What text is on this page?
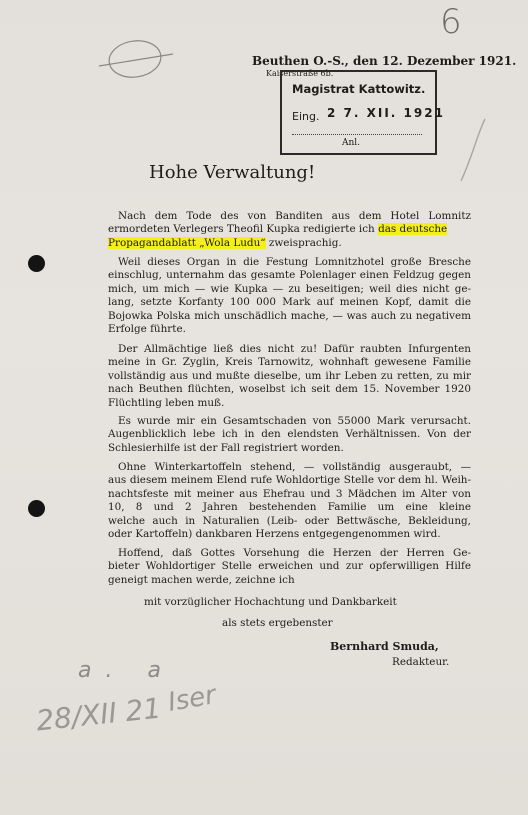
6
Beuthen O.-S., den 12. Dezember 1921.
Kaiserstraße 6b.
Magistrat Kattowitz.
Eing. 2 7. XII. 1921
Anl.
Hohe Verwaltung!
Nach dem Tode des von Banditen aus dem Hotel Lomnitz
ermordeten Verlegers Theofil Kupka redigierte ich das deutsche
Propagandablatt „Wola Ludu“ zweisprachig.
Weil dieses Organ in die Festung Lomnitzhotel große Bresche
einschlug, unternahm das gesamte Polenlager einen Feldzug gegen
mich, um mich — wie Kupka — zu beseitigen; weil dies nicht ge-
lang, setzte Korfanty 100 000 Mark auf meinen Kopf, damit die
Bojowka Polska mich unschädlich mache, — was auch zu negativem
Erfolge führte.
Der Allmächtige ließ dies nicht zu! Dafür raubten Infurgenten
meine in Gr. Zyglin, Kreis Tarnowitz, wohnhaft gewesene Familie
vollständig aus und mußte dieselbe, um ihr Leben zu retten, zu mir
nach Beuthen flüchten, woselbst ich seit dem 15. November 1920
Flüchtling leben muß.
Es wurde mir ein Gesamtschaden von 55000 Mark verursacht.
Augenblicklich lebe ich in den elendsten Verhältnissen. Von der
Schlesierhilfe ist der Fall registriert worden.
Ohne Winterkartoffeln stehend, — vollständig ausgeraubt, —
aus diesem meinem Elend rufe Wohldortige Stelle vor dem hl. Weih-
nachtsfeste mit meiner aus Ehefrau und 3 Mädchen im Alter von
10, 8 und 2 Jahren bestehenden Familie um eine kleine
welche auch in Naturalien (Leib- oder Bettwäsche, Bekleidung,
oder Kartoffeln) dankbaren Herzens entgegengenommen wird.
Hoffend, daß Gottes Vorsehung die Herzen der Herren Ge-
bieter Wohldortiger Stelle erweichen und zur opferwilligen Hilfe
geneigt machen werde, zeichne ich
mit vorzüglicher Hochachtung und Dankbarkeit
als stets ergebenster
Bernhard Smuda,
Redakteur.
a. a
28/XII 21 Iser
